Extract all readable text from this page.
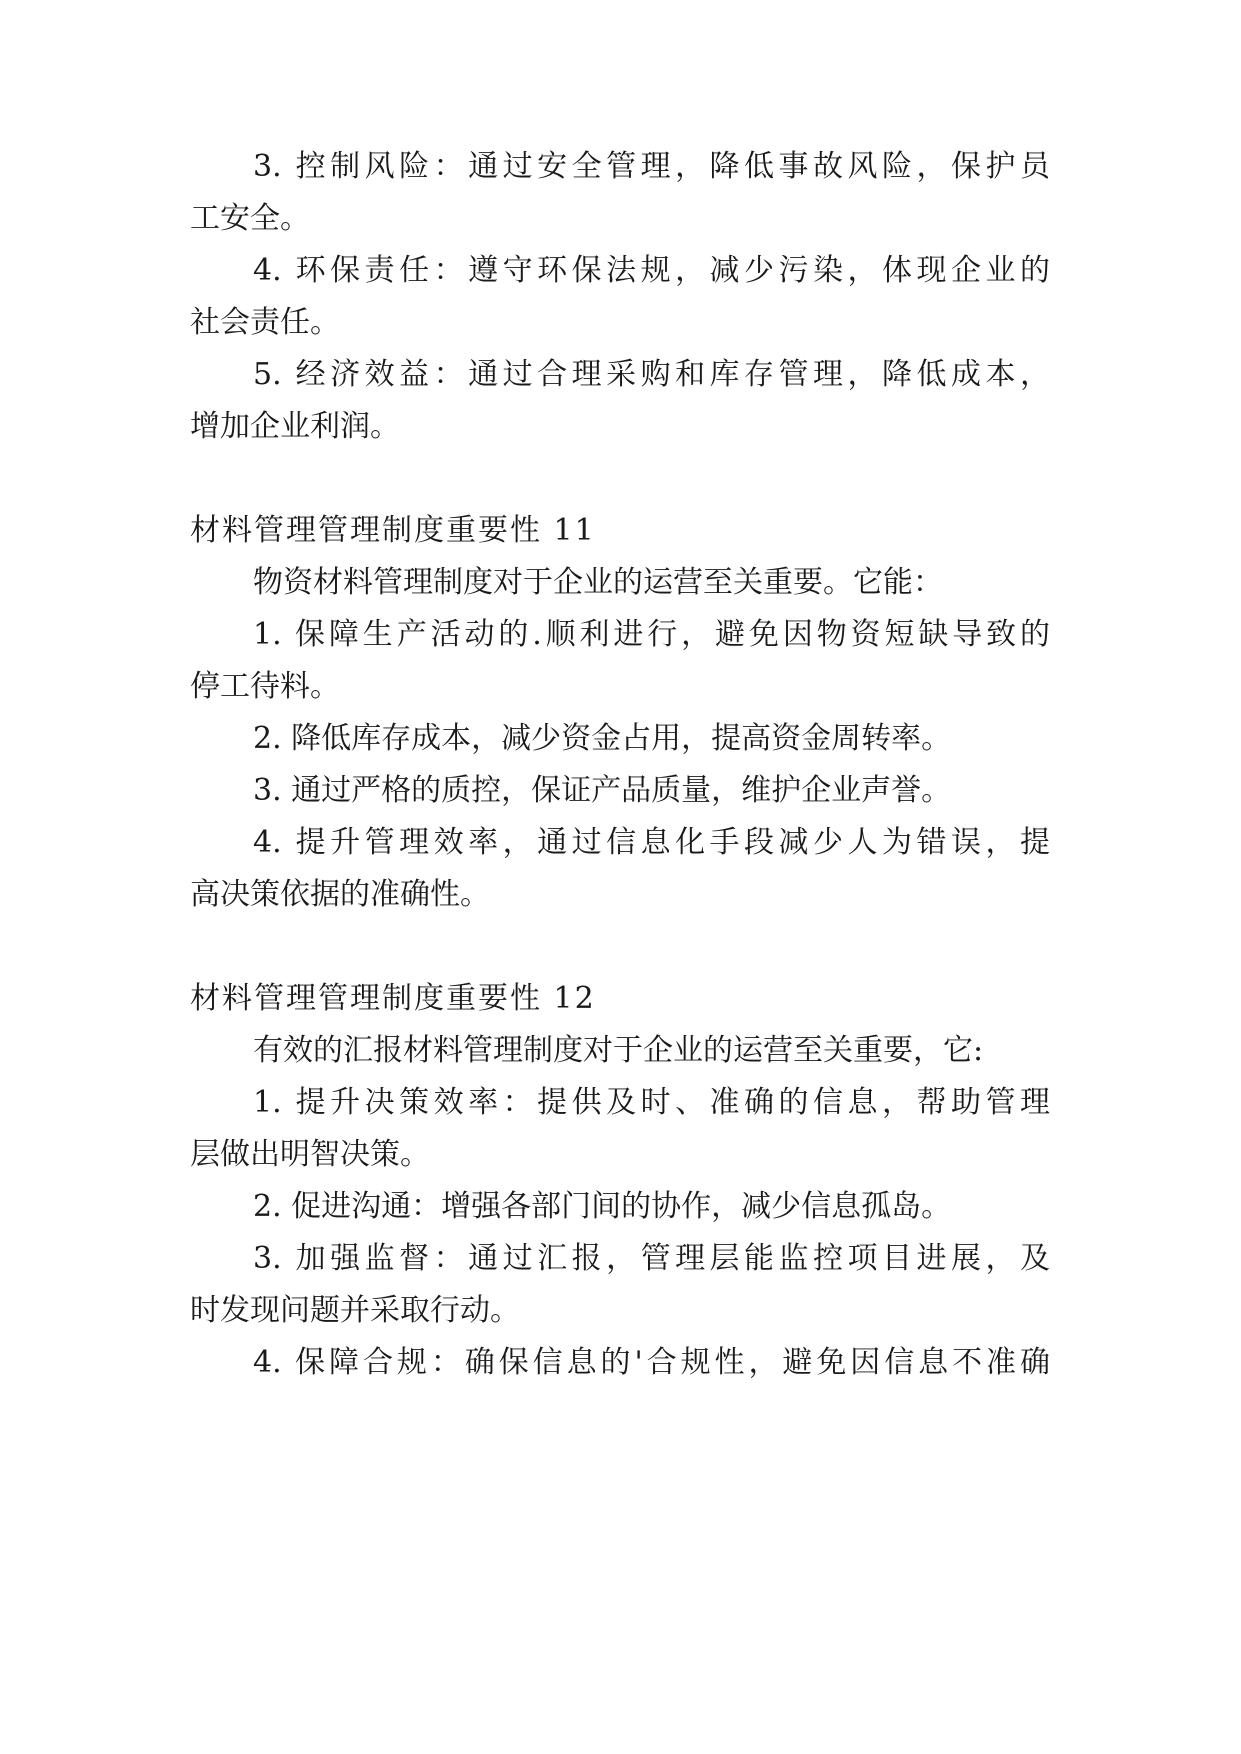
3. 控制风险：通过安全管理，降低事故风险，保护员
工安全。
4. 环保责任：遵守环保法规，减少污染，体现企业的
社会责任。
5. 经济效益：通过合理采购和库存管理，降低成本，
增加企业利润。
材料管理管理制度重要性 11
物资材料管理制度对于企业的运营至关重要。它能：
1. 保障生产活动的.顺利进行，避免因物资短缺导致的
停工待料。
2. 降低库存成本，减少资金占用，提高资金周转率。
3. 通过严格的质控，保证产品质量，维护企业声誉。
4. 提升管理效率，通过信息化手段减少人为错误，提
高决策依据的准确性。
材料管理管理制度重要性 12
有效的汇报材料管理制度对于企业的运营至关重要，它:
1. 提升决策效率：提供及时、准确的信息，帮助管理
层做出明智决策。
2. 促进沟通：增强各部门间的协作，减少信息孤岛。
3. 加强监督：通过汇报，管理层能监控项目进展，及
时发现问题并采取行动。
4. 保障合规：确保信息的'合规性，避免因信息不准确
